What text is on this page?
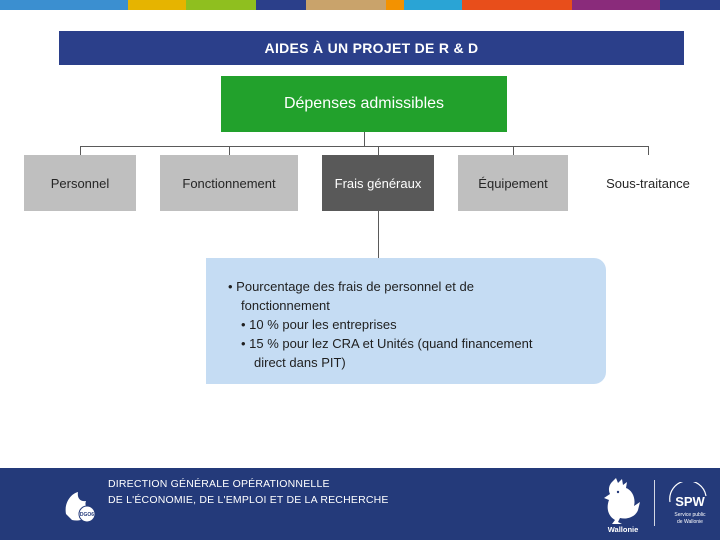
AIDES À UN PROJET DE R & D
Dépenses admissibles
Personnel	Fonctionnement	Frais généraux	Équipement	Sous-traitance
• Pourcentage des frais de personnel et de
fonctionnement
• 10 % pour les entreprises
• 15 % pour lez CRA et Unités (quand financement
direct dans PIT)
DGO6
DIRECTION GÉNÉRALE OPÉRATIONNELLE
DE L'ÉCONOMIE, DE L'EMPLOI ET DE LA RECHERCHE
Wallonie
SPW
Service public
de Wallonie
